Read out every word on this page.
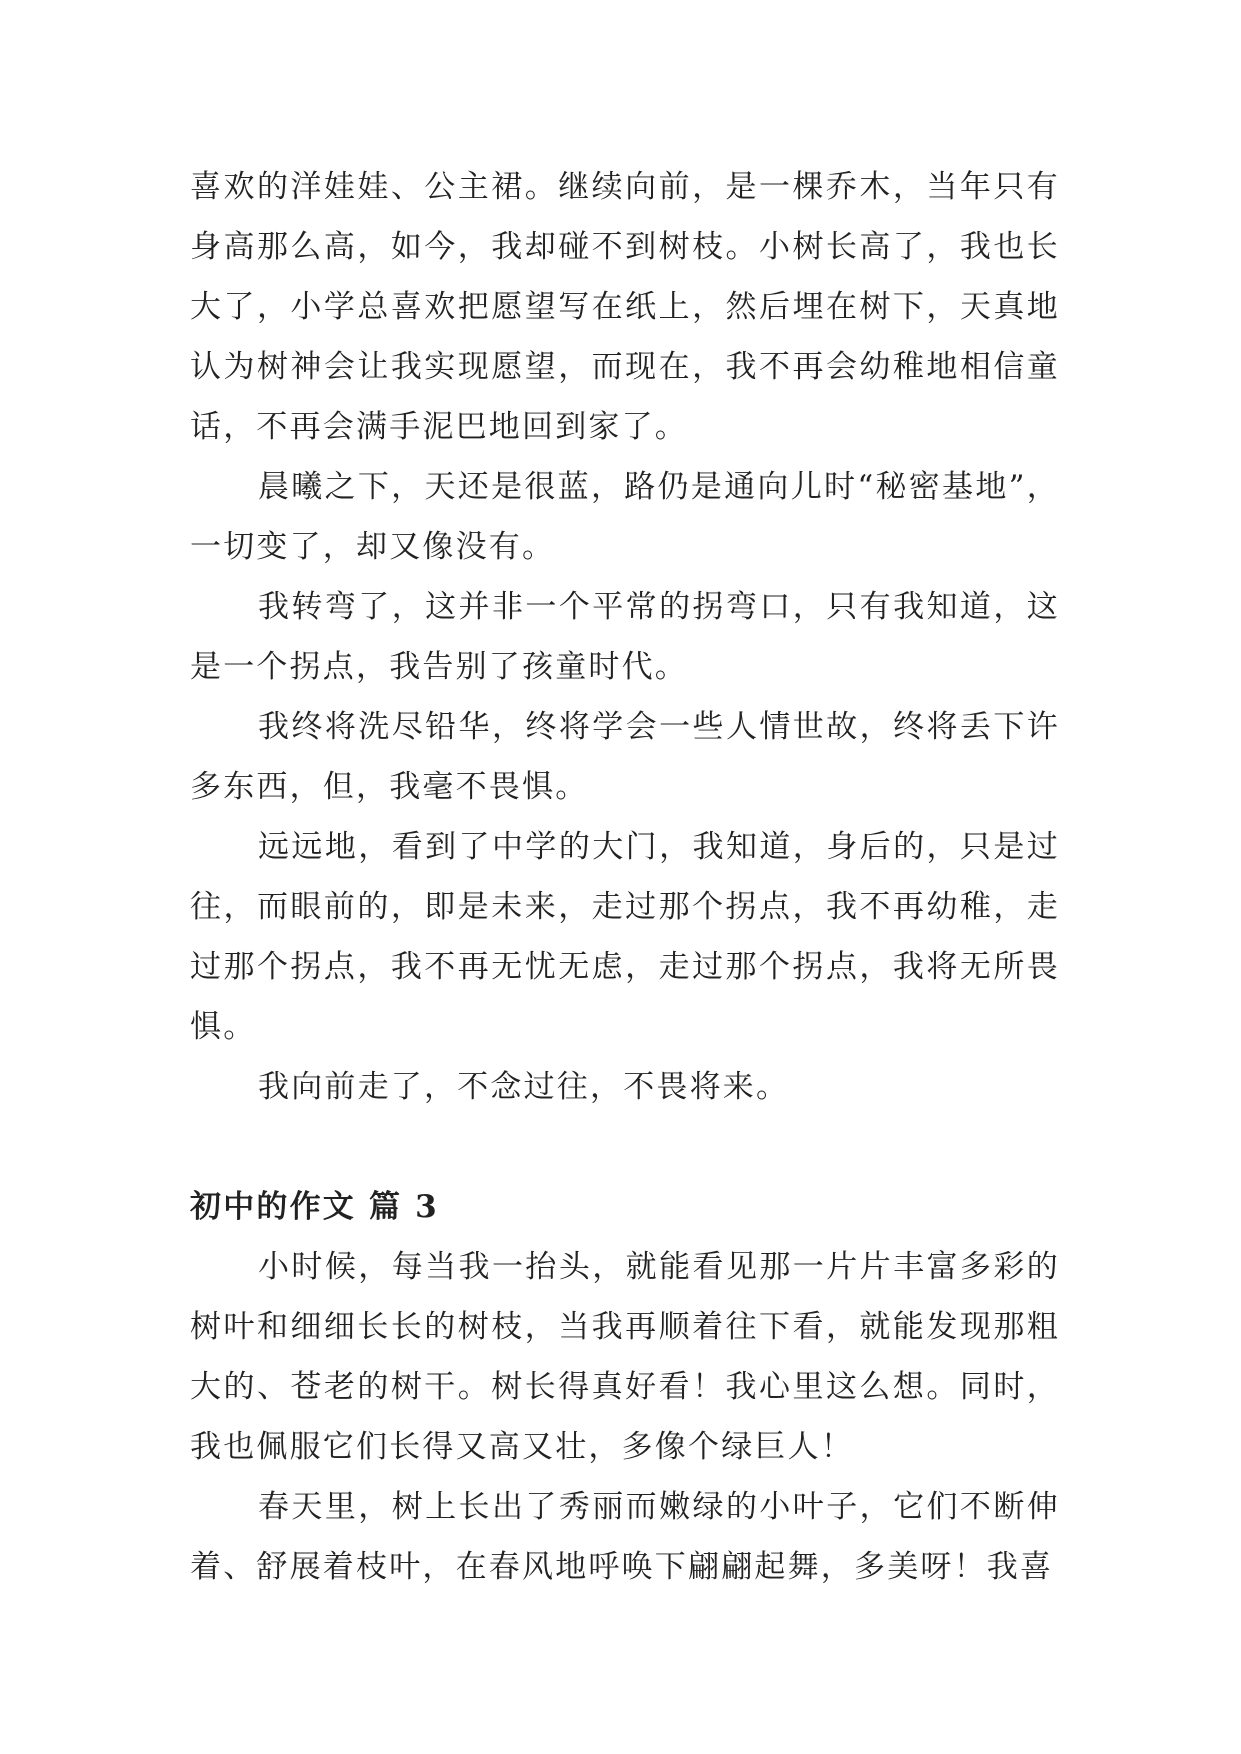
喜欢的洋娃娃、公主裙。继续向前，是一棵乔木，当年只有身高那么高，如今，我却碰不到树枝。小树长高了，我也长大了，小学总喜欢把愿望写在纸上，然后埋在树下，天真地认为树神会让我实现愿望，而现在，我不再会幼稚地相信童话，不再会满手泥巴地回到家了。

晨曦之下，天还是很蓝，路仍是通向儿时“秘密基地”，一切变了，却又像没有。

我转弯了，这并非一个平常的拐弯口，只有我知道，这是一个拐点，我告别了孩童时代。

我终将洗尽铅华，终将学会一些人情世故，终将丢下许多东西，但，我毫不畏惧。

远远地，看到了中学的大门，我知道，身后的，只是过往，而眼前的，即是未来，走过那个拐点，我不再幼稚，走过那个拐点，我不再无忧无虑，走过那个拐点，我将无所畏惧。

我向前走了，不念过往，不畏将来。

初中的作文 篇 3

小时候，每当我一抬头，就能看见那一片片丰富多彩的树叶和细细长长的树枝，当我再顺着往下看，就能发现那粗大的、苍老的树干。树长得真好看！我心里这么想。同时，我也佩服它们长得又高又壮，多像个绿巨人！

春天里，树上长出了秀丽而嫩绿的小叶子，它们不断伸着、舒展着枝叶，在春风地呼唤下翩翩起舞，多美呀！我喜
